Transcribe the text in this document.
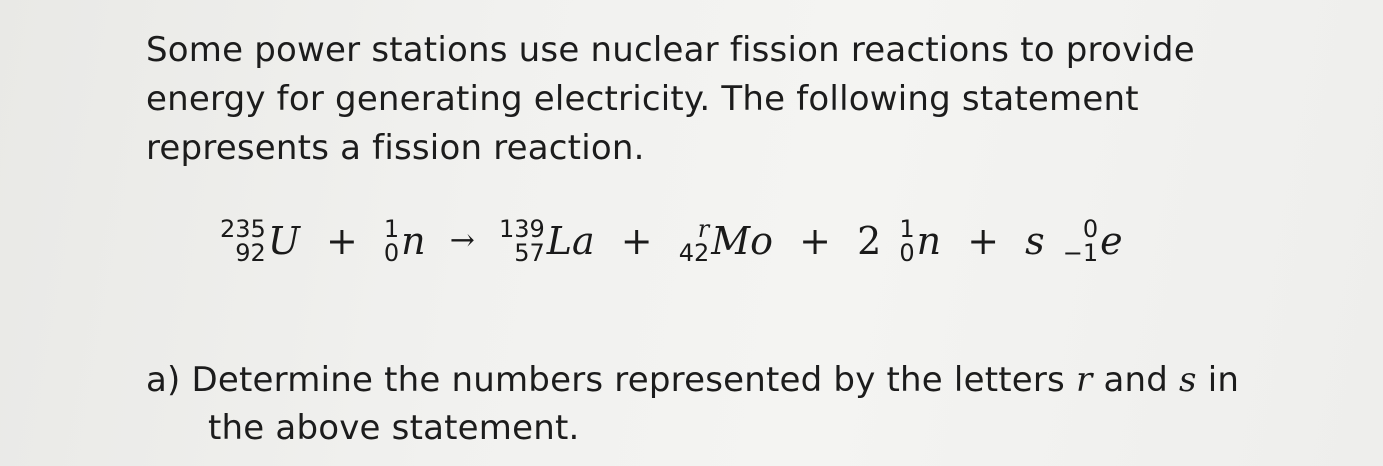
Some power stations use nuclear fission reactions to provide
energy for generating electricity. The following statement
represents a fission reaction.
235
92 U + 1
0 n → 139
57 La + r
42 Mo + 2 1
0 n + s 0
−1 e
a) Determine the numbers represented by the letters r and s in
the above statement.
